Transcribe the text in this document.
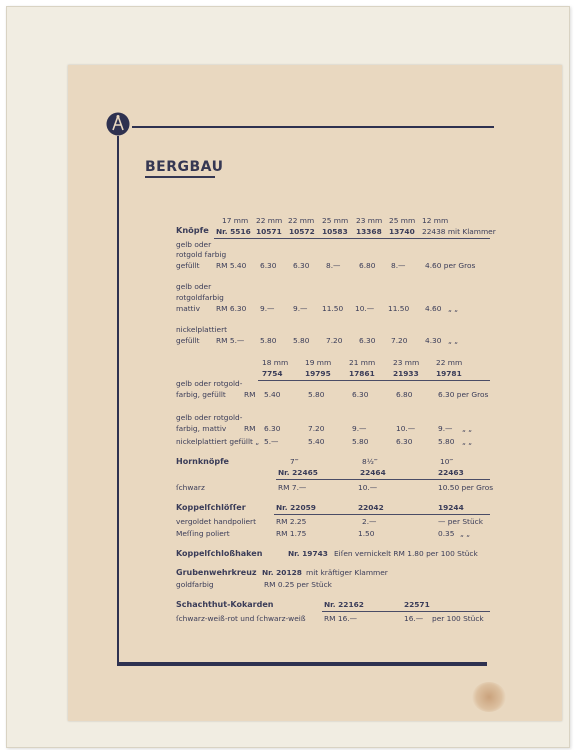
BERGBAU
17 mm 22 mm 22 mm 25 mm 23 mm 25 mm 12 mm
Knöpfe Nr. 5516 10571 10572 10583 13368 13740 22438 mit Klammer
gelb oder
rotgold farbig
gefüllt RM 5.40 6.30 6.30 8.—	6.80 8.—	4.60 per Gros
gelb oder
rotgoldfarbig
mattiv RM 6.30 9.—	9.— 11.50 10.— 11.50 4.60 „ „
nickelplattiert
gefüllt RM 5.— 5.80 5.80 7.20 6.30 7.20 4.30 „ „
18 mm 19 mm 21 mm 23 mm 22 mm
7754	19795 17861 21933 19781
gelb oder rotgold-
farbig, gefüllt RM 5.40	5.80	6.30	6.80	6.30 per Gros
gelb oder rotgold-
farbig, mattiv RM 6.30	7.20	9.—	10.—	9.— „ „
nickelplattiert gefüllt „ 5.—	5.40	5.80	6.30	5.80 „ „
Hornknöpfe	7‴	8½‴	10‴
Nr. 22465	22464	22463
ſchwarz	RM 7.—	10.—	10.50 per Gros
Koppelſchlöſſer	Nr. 22059	22042	19244
vergoldet handpoliert	RM 2.25	2.—	— per Stück
Meſſing poliert	RM 1.75	1.50	0.35 „ „
Koppelſchloßhaken	Nr. 19743 Eiſen vernickelt RM 1.80 per 100 Stück
Grubenwehrkreuz Nr. 20128 mit kräftiger Klammer
goldfarbig	RM 0.25 per Stück
Schachthut-Kokarden	Nr. 22162	22571
ſchwarz-weiß-rot und ſchwarz-weiß	RM 16.—	16.— per 100 Stück
